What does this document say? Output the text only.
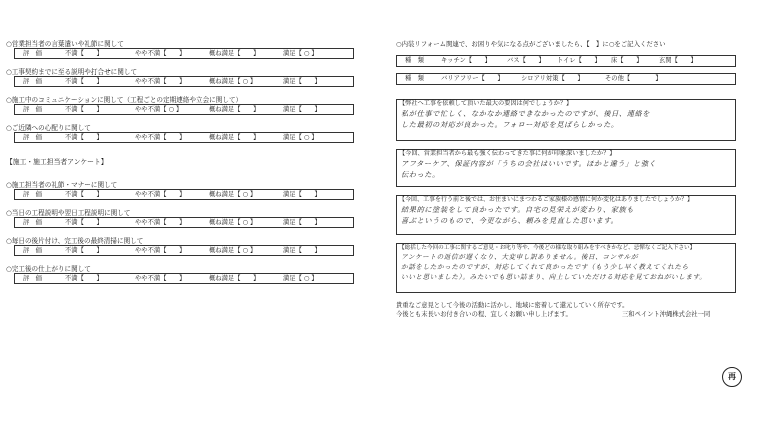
○営業担当者の言葉遣いや礼節に関して
評　価	不満【　　】	やや不満【　　】	概ね満足【　　】	満足【 ○ 】
○工事契約までに至る説明や打合せに関して
評　価	不満【　　】	やや不満【　　】	概ね満足【 ○ 】	満足【　　】
○施工中のコミュニケーションに関して（工程ごとの定期連絡や立会に関して）
評　価	不満【　　】	やや不満【 ○ 】	概ね満足【　　】	満足【　　】
○ご近隣への心配りに関して
評　価	不満【　　】	やや不満【　　】	概ね満足【　　】	満足【 ○ 】
【施工・施工担当者アンケート】
○施工担当者の礼節・マナーに関して
評　価	不満【　　】	やや不満【　　】	概ね満足【 ○ 】	満足【　　】
○当日の工程説明や翌日工程説明に関して
評　価	不満【　　】	やや不満【　　】	概ね満足【 ○ 】	満足【　　】
○毎日の後片付け、完工後の最終清掃に関して
評　価	不満【　　】	やや不満【　　】	概ね満足【 ○ 】	満足【　　】
○完工後の仕上がりに関して
評　価	不満【　　】	やや不満【　　】	概ね満足【　　】	満足【 ○ 】
○内装リフォーム関連で、お困りや気になる点がございましたら、【　】に○をご記入ください
種　類	キッチン【　　】	バス【　　】 トイレ【　　】 床【　　】	玄関【　　】
種　類	バリアフリー【　　】	シロアリ対策【　　】	その他【　　　　】
【弊社へ工事を依頼して頂いた最大の要因は何でしょうか？】
私が仕事で忙しく、なかなか連絡できなかったのですが、後日、連絡を
した最初の対応が良かった。フォロー対応を見ばらしかった。
【今回、営業担当者から最も強く伝わってきた事に何が印象深いましたか？】
アフターケア、保証内容が「うちの会社はいいです。ほかと違う」と強く
伝わった。
【今回、工事を行う前と後では、お住まいにまつわるご家族様の感情に何か変化はありましたでしょうか？】
結果的に塗装をして良かったです。自宅の見栄えが変わり、家族も
喜ぶというのもので、今更ながら、頼みを見直した思います。
【総括した今回の工事に関するご意見・お叱り等や、今後どの様な取り組みをすべきかなど、忌憚なくご記入下さい】
アンケートの返信が遅くなり、大変申し訳ありません。後日、コンサルが
か話をしたかったのですが、対応してくれて良かったです（もう少し早く教えてくれたら
いいと思いました）。みたいでも思い詰まり、向上していただける対応を見ておねがいします。
貴重なご意見として今後の活動に活かし、地域に密着して還元していく所存です。
今後とも末長いお付き合いの程、宜しくお願い申し上げます。	三和ペイント沖縄株式会社一同
再
